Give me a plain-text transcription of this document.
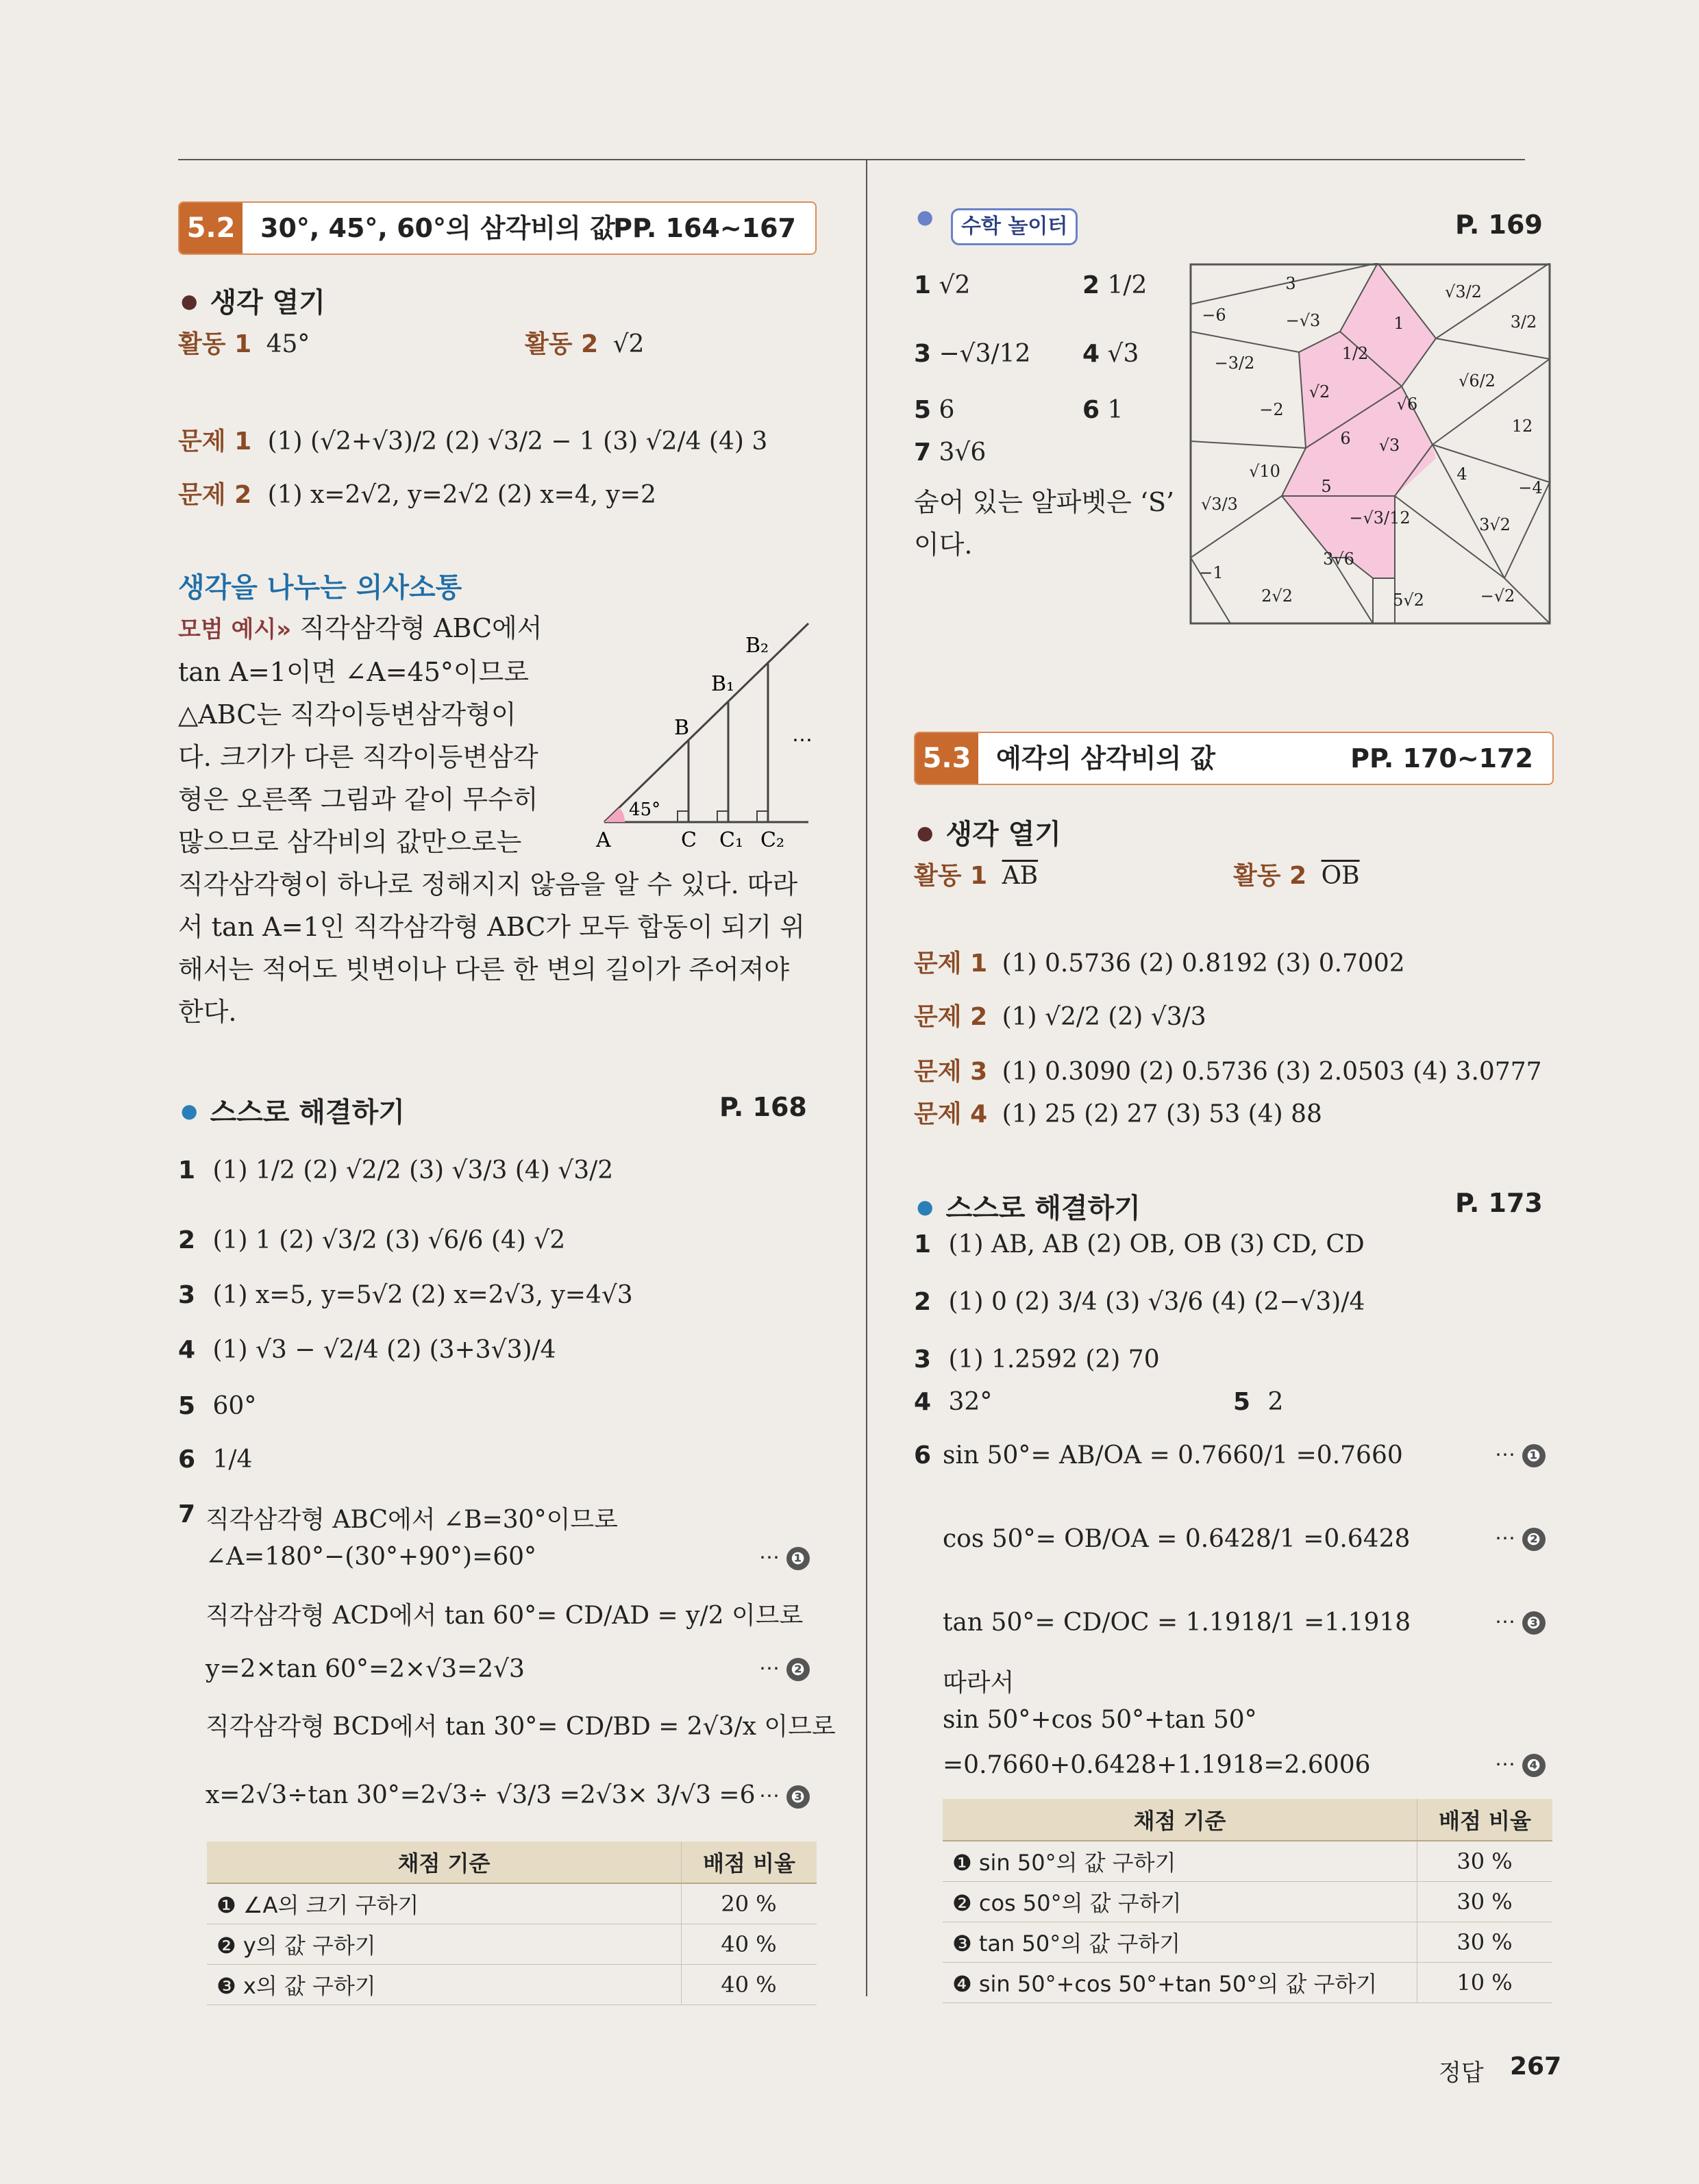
5.2 30°, 45°, 60°의 삼각비의 값
PP. 164~167
● 생각 열기
활동 1 45°	활동 2 √2
문제 1 (1) (√2+√3)/2 (2) √3/2 − 1 (3) √2/4 (4) 3
문제 2 (1) x=2√2, y=2√2 (2) x=4, y=2
생각을 나누는 의사소통
모범 예시» 직각삼각형 ABC에서
tan A=1이면 ∠A=45°이므로
△ABC는 직각이등변삼각형이
다. 크기가 다른 직각이등변삼각
형은 오른쪽 그림과 같이 무수히
많으므로 삼각비의 값만으로는
직각삼각형이 하나로 정해지지 않음을 알 수 있다. 따라
서 tan A=1인 직각삼각형 ABC가 모두 합동이 되기 위
해서는 적어도 빗변이나 다른 한 변의 길이가 주어져야
한다.
45°
A	C C₁ C₂
B
B₁
B₂
⋯
● 스스로 해결하기	P. 168
1 (1) 1/2 (2) √2/2 (3) √3/3 (4) √3/2
2 (1) 1 (2) √3/2 (3) √6/6 (4) √2
3 (1) x=5, y=5√2 (2) x=2√3, y=4√3
4 (1) √3 − √2/4 (2) (3+3√3)/4
5 60°
6 1/4
7 직각삼각형 ABC에서 ∠B=30°이므로
∠A=180°−(30°+90°)=60°	⋯ ❶
직각삼각형 ACD에서 tan 60°= CD/AD = y/2 이므로
y=2×tan 60°=2×√3=2√3	⋯ ❷
직각삼각형 BCD에서 tan 30°= CD/BD = 2√3/x 이므로
x=2√3÷tan 30°=2√3÷ √3/3 =2√3× 3/√3 =6 ⋯ ❸
채점 기준	배점 비율
❶ ∠A의 크기 구하기	20 %
❷ y의 값 구하기	40 %
❸ x의 값 구하기	40 %
●
수학 놀이터	P. 169
1 √2	2 1/2
3 −√3/12 4 √3
5 6	6 1
7 3√6
숨어 있는 알파벳은 ‘S’
이다.
3
−6	−√3
√3/2
3/2
1
1/2
−3/2
√6/2
√2
√6
−2
12
6 √3
√10
5
4
−4
√3/3
−√3/12	3√2
−1
3√6
2√2	5√2	−√2
5.3 예각의 삼각비의 값	PP. 170~172
● 생각 열기
활동 1 $\overline{AB}$	활동 2 $\overline{OB}$
문제 1 (1) 0.5736 (2) 0.8192 (3) 0.7002
문제 2 (1) √2/2 (2) √3/3
문제 3 (1) 0.3090 (2) 0.5736 (3) 2.0503 (4) 3.0777
문제 4 (1) 25 (2) 27 (3) 53 (4) 88
● 스스로 해결하기	P. 173
1 (1) AB, AB (2) OB, OB (3) CD, CD
2 (1) 0 (2) 3/4 (3) √3/6 (4) (2−√3)/4
3 (1) 1.2592 (2) 70
4 32°	5 2
6 sin 50°= AB/OA = 0.7660/1 =0.7660	⋯ ❶
cos 50°= OB/OA = 0.6428/1 =0.6428	⋯ ❷
tan 50°= CD/OC = 1.1918/1 =1.1918	⋯ ❸
따라서
sin 50°+cos 50°+tan 50°
=0.7660+0.6428+1.1918=2.6006	⋯ ❹
채점 기준	배점 비율
❶ sin 50°의 값 구하기	30 %
❷ cos 50°의 값 구하기	30 %
❸ tan 50°의 값 구하기	30 %
❹ sin 50°+cos 50°+tan 50°의 값 구하기	10 %
정답 267
